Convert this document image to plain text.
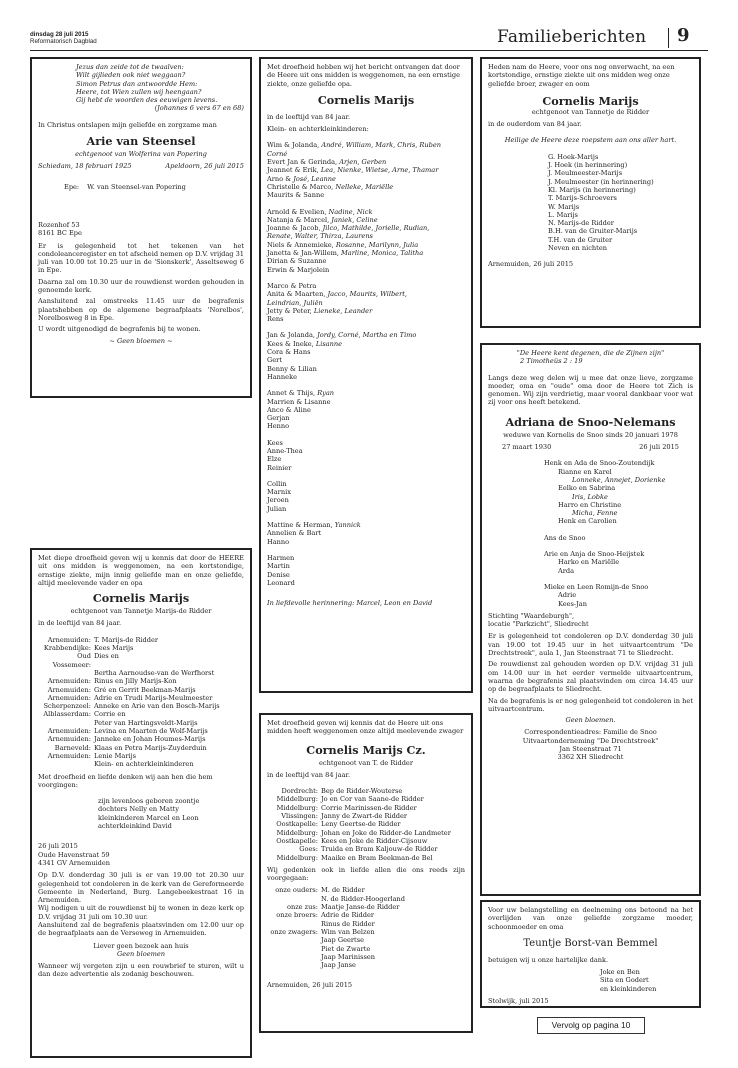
dinsdag 28 juli 2015
Reformatorisch Dagblad	Familieberichten 9
Jezus dan zeide tot de twaalven:
Wilt gijlieden ook niet weggaan?
Simon Petrus dan antwoordde Hem:
Heere, tot Wien zullen wij heengaan?
Gij hebt de woorden des eeuwigen levens.
(Johannes 6 vers 67 en 68)
In Christus ontslapen mijn geliefde en zorgzame man
Arie van Steensel
echtgenoot van Wolferina van Popering
Schiedam, 18 februari 1925	Apeldoorn, 26 juli 2015
Epe:	W. van Steensel-van Popering
Rozenhof 53
8161 BC Epe
Er is gelegenheid tot het tekenen van het condoleanceregister en tot afscheid nemen op D.V. vrijdag 31 juli van 10.00 tot 10.25 uur in de 'Sionskerk', Asseltseweg 6 in Epe.
Daarna zal om 10.30 uur de rouwdienst worden gehouden in genoemde kerk.
Aansluitend zal omstreeks 11.45 uur de begrafenis plaatshebben op de algemene begraafplaats 'Norelbos', Norelbosweg 8 in Epe.
U wordt uitgenodigd de begrafenis bij te wonen.
~ Geen bloemen ~
Met diepe droefheid geven wij u kennis dat door de HEERE uit ons midden is weggenomen, na een kortstondige, ernstige ziekte, mijn innig geliefde man en onze geliefde, altijd meelevende vader en opa
Cornelis Marijs
echtgenoot van Tannetje Marijs-de Ridder
in de leeftijd van 84 jaar.
Arnemuiden: T. Marijs-de Ridder
Krabbendijke: Kees Marijs
Oud Vossemeer:
Dies en
Bertha Aarnoudse-van de Werfhorst
Arnemuiden: Rinus en Jilly Marijs-Kon
Arnemuiden: Gré en Gerrit Beekman-Marijs
Arnemuiden: Adrie en Trudi Marijs-Meulmeester
Scherpenzeel: Anneke en Arie van den Bosch-Marijs
Alblasserdam: Corrie en
Peter van Hartingsveldt-Marijs
Arnemuiden: Levina en Maarten de Wolf-Marijs
Arnemuiden: Janneke en Johan Houmes-Marijs
Barneveld: Klaas en Petra Marijs-Zuyderduin
Arnemuiden: Lenie Marijs
Klein- en achterkleinkinderen
Met droefheid en liefde denken wij aan hen die hem voorgingen:
zijn levenloos geboren zoontje
dochters Nelly en Matty
kleinkinderen Marcel en Leon
achterkleinkind David
26 juli 2015
Oude Havenstraat 59
4341 GV Arnemuiden
Op D.V. donderdag 30 juli is er van 19.00 tot 20.30 uur gelegenheid tot condoleren in de kerk van de Gereformeerde Gemeente in Nederland, Burg. Langebeekestraat 16 in Arnemuiden.
Wij nodigen u uit de rouwdienst bij te wonen in deze kerk op D.V. vrijdag 31 juli om 10.30 uur.
Aansluitend zal de begrafenis plaatsvinden om 12.00 uur op de begraafplaats aan de Verseweg in Arnemuiden.
Liever geen bezoek aan huis
Geen bloemen
Wanneer wij vergeten zijn u een rouwbrief te sturen, wilt u dan deze advertentie als zodanig beschouwen.
Met droefheid hebben wij het bericht ontvangen dat door de Heere uit ons midden is weggenomen, na een ernstige ziekte, onze geliefde opa.
Cornelis Marijs
in de leeftijd van 84 jaar.
Klein- en achterkleinkinderen:
Wim & Jolanda, André, William, Mark, Chris, Ruben
Corné
Evert Jan & Gerinda, Arjen, Gerben
Jeannet & Erik, Lea, Nienke, Wietse, Arne, Thamar
Arno & José, Leanne
Christelle & Marco, Nelleke, Mariëlle
Maurits & Sanne
Arnold & Evelien, Nadine, Nick
Natanja & Marcel, Janiek, Celine
Joanne & Jacob, Jilco, Mathilde, Jorielle, Rudian,
Renate, Walter, Thirza, Laurens
Niels & Annemieke, Rosanne, Marilynn, Julia
Janetta & Jan-Willem, Marline, Monica, Talitha
Dirian & Suzanne
Erwin & Marjolein
Marco & Petra
Anita & Maarten, Jacco, Maurits, Wilbert,
Leindrian, Juliën
Jetty & Peter, Lieneke, Leander
Rens
Jan & Jolanda, Jordy, Corné, Martha en Timo
Kees & Ineke, Lisanne
Cora & Hans
Gert
Benny & Lilian
Hanneke
Annet & Thijs, Ryan
Marrien & Lisanne
Anco & Aline
Gerjan
Henno
Kees
Anne-Thea
Elze
Reinier
Collin
Marnix
Jeroen
Julian
Mattine & Herman, Yannick
Annelien & Bart
Hanno
Harmen
Martin
Denise
Leonard
In liefdevolle herinnering: Marcel, Leon en David
Met droefheid geven wij kennis dat de Heere uit ons midden heeft weggenomen onze altijd meelevende zwager
Cornelis Marijs Cz.
echtgenoot van T. de Ridder
in de leeftijd van 84 jaar.
Dordrecht: Bep de Ridder-Wouterse
Middelburg: Jo en Cor van Saane-de Ridder
Middelburg: Corrie Marinissen-de Ridder
Vlissingen: Janny de Zwart-de Ridder
Oostkapelle: Leny Geertse-de Ridder
Middelburg: Johan en Joke de Ridder-de Landmeter
Oostkapelle: Kees en Joke de Ridder-Cijsouw
Goes: Truida en Bram Kaljouw-de Ridder
Middelburg: Maaike en Bram Beekman-de Bel
Wij gedenken ook in liefde allen die ons reeds zijn voorgegaan:
onze ouders: M. de Ridder
N. de Ridder-Hoogerland
onze zus: Maatje Janse-de Ridder
onze broers: Adrie de Ridder
Rinus de Ridder
onze zwagers: Wim van Belzen
Jaap Geertse
Piet de Zwarte
Jaap Marinissen
Jaap Janse
Arnemuiden, 26 juli 2015
Heden nam de Heere, voor ons nog onverwacht, na een kortstondige, ernstige ziekte uit ons midden weg onze geliefde broer, zwager en oom
Cornelis Marijs
echtgenoot van Tannetje de Ridder
in de ouderdom van 84 jaar.
Heilige de Heere deze roepstem aan ons aller hart.
G. Hoek-Marijs
J. Hoek (in herinnering)
J. Meulmeester-Marijs
J. Meulmeester (in herinnering)
Kl. Marijs (in herinnering)
T. Marijs-Schroevers
W. Marijs
L. Marijs
N. Marijs-de Ridder
B.H. van de Gruiter-Marijs
T.H. van de Gruiter
Neven en nichten
Arnemuiden, 26 juli 2015
"De Heere kent degenen, die de Zijnen zijn"
2 Timotheüs 2 : 19
Langs deze weg delen wij u mee dat onze lieve, zorgzame moeder, oma en "oude" oma door de Heere tot Zich is genomen. Wij zijn verdrietig, maar vooral dankbaar voor wat zij voor ons heeft betekend.
Adriana de Snoo-Nelemans
weduwe van Kornelis de Snoo sinds 20 januari 1978
27 maart 1930	26 juli 2015
Henk en Ada de Snoo-Zoutendijk
Rianne en Karel
Lonneke, Annejet, Dorienke
Eelko en Sabrina
Iris, Lobke
Harro en Christine
Micha, Fenne
Henk en Carolien
Ans de Snoo
Arie en Anja de Snoo-Heijstek
Harko en Mariëlle
Arda
Mieke en Leen Romijn-de Snoo
Adrie
Kees-Jan
Stichting "Waardeburgh",
locatie "Parkzicht", Sliedrecht
Er is gelegenheid tot condoleren op D.V. donderdag 30 juli van 19.00 tot 19.45 uur in het uitvaartcentrum "De Drechtstreek", aula 1, Jan Steenstraat 71 te Sliedrecht.
De rouwdienst zal gehouden worden op D.V. vrijdag 31 juli om 14.00 uur in het eerder vermelde uitvaartcentrum, waarna de begrafenis zal plaatsvinden om circa 14.45 uur op de begraafplaats te Sliedrecht.
Na de begrafenis is er nog gelegenheid tot condoleren in het uitvaartcentrum.
Geen bloemen.
Correspondentieadres: Familie de Snoo
Uitvaartonderneming "De Drechtstreek"
Jan Steenstraat 71
3362 XH Sliedrecht
Voor uw belangstelling en deelneming ons betoond na het overlijden van onze geliefde zorgzame moeder, schoonmoeder en oma
Teuntje Borst-van Bemmel
betuigen wij u onze hartelijke dank.
Joke en Ben
Sita en Godert
en kleinkinderen
Stolwijk, juli 2015
Vervolg op pagina 10
